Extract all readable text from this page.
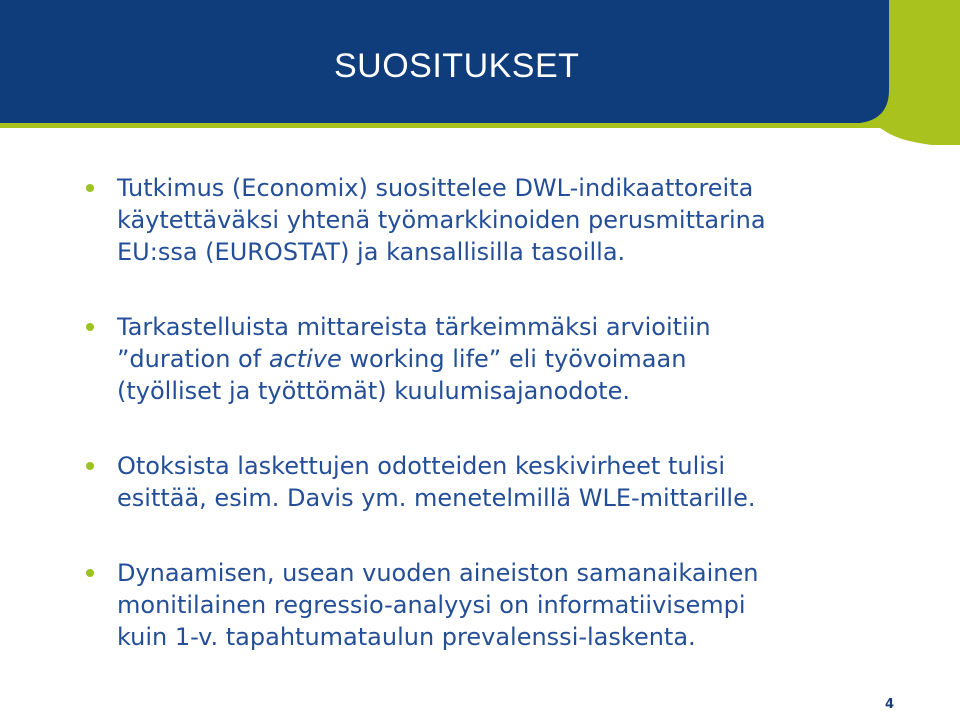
SUOSITUKSET
Tutkimus (Economix) suosittelee DWL-indikaattoreita
käytettäväksi yhtenä työmarkkinoiden perusmittarina
EU:ssa (EUROSTAT) ja kansallisilla tasoilla.
Tarkastelluista mittareista tärkeimmäksi arvioitiin
”duration of active working life” eli työvoimaan
(työlliset ja työttömät) kuulumisajanodote.
Otoksista laskettujen odotteiden keskivirheet tulisi
esittää, esim. Davis ym. menetelmillä WLE-mittarille.
Dynaamisen, usean vuoden aineiston samanaikainen
monitilainen regressio-analyysi on informatiivisempi
kuin 1-v. tapahtumataulun prevalenssi-laskenta.
4
